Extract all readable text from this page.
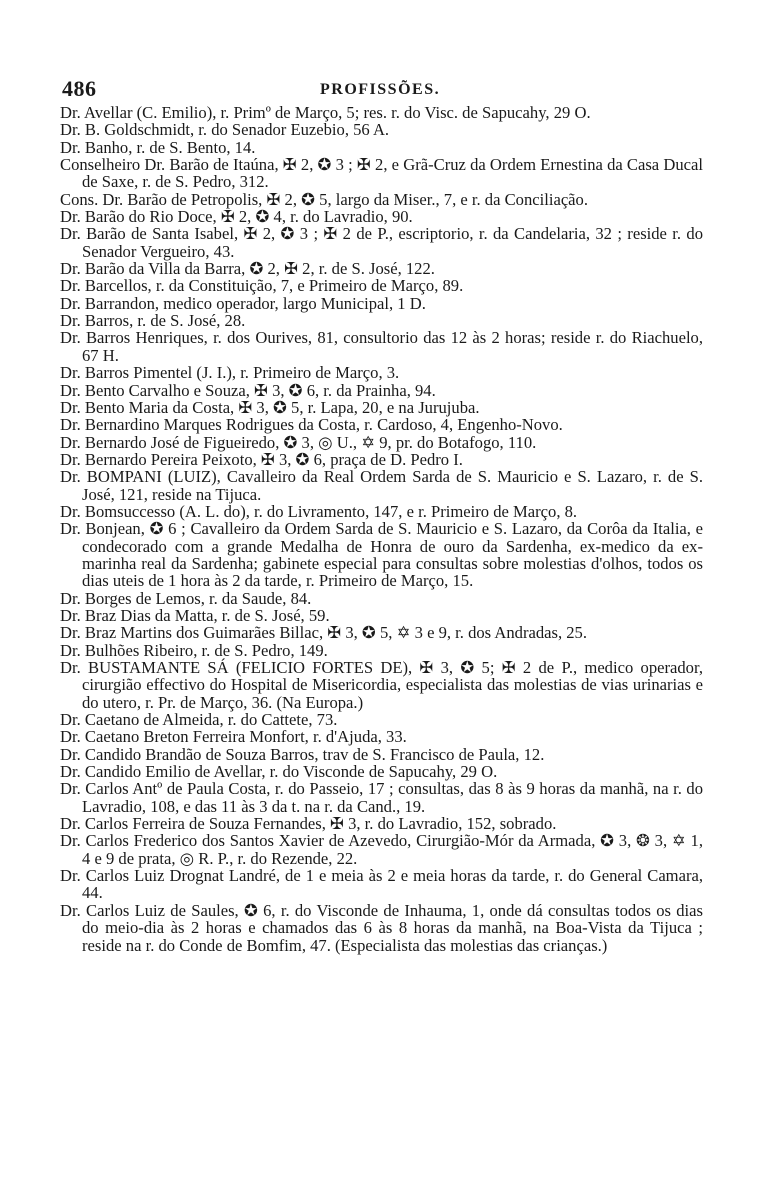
486	PROFISSÕES.

Dr. Avellar (C. Emilio), r. Primº de Março, 5; res. r. do Visc. de Sapucahy, 29 O.

Dr. B. Goldschmidt, r. do Senador Euzebio, 56 A.

Dr. Banho, r. de S. Bento, 14.

Conselheiro Dr. Barão de Itaúna, ✠ 2, ✪ 3 ; ✠ 2, e Grã-Cruz da Ordem Ernestina da Casa Ducal de Saxe, r. de S. Pedro, 312.

Cons. Dr. Barão de Petropolis, ✠ 2, ✪ 5, largo da Miser., 7, e r. da Conciliação.

Dr. Barão do Rio Doce, ✠ 2, ✪ 4, r. do Lavradio, 90.

Dr. Barão de Santa Isabel, ✠ 2, ✪ 3 ; ✠ 2 de P., escriptorio, r. da Candelaria, 32 ; reside r. do Senador Vergueiro, 43.

Dr. Barão da Villa da Barra, ✪ 2, ✠ 2, r. de S. José, 122.

Dr. Barcellos, r. da Constituição, 7, e Primeiro de Março, 89.

Dr. Barrandon, medico operador, largo Municipal, 1 D.

Dr. Barros, r. de S. José, 28.

Dr. Barros Henriques, r. dos Ourives, 81, consultorio das 12 às 2 horas; reside r. do Riachuelo, 67 H.

Dr. Barros Pimentel (J. I.), r. Primeiro de Março, 3.

Dr. Bento Carvalho e Souza, ✠ 3, ✪ 6, r. da Prainha, 94.

Dr. Bento Maria da Costa, ✠ 3, ✪ 5, r. Lapa, 20, e na Jurujuba.

Dr. Bernardino Marques Rodrigues da Costa, r. Cardoso, 4, Engenho-Novo.

Dr. Bernardo José de Figueiredo, ✪ 3, ◎ U., ✡ 9, pr. do Botafogo, 110.

Dr. Bernardo Pereira Peixoto, ✠ 3, ✪ 6, praça de D. Pedro I.

Dr. BOMPANI (LUIZ), Cavalleiro da Real Ordem Sarda de S. Mauricio e S. Lazaro, r. de S. José, 121, reside na Tijuca.

Dr. Bomsuccesso (A. L. do), r. do Livramento, 147, e r. Primeiro de Março, 8.

Dr. Bonjean, ✪ 6 ; Cavalleiro da Ordem Sarda de S. Mauricio e S. Lazaro, da Corôa da Italia, e condecorado com a grande Medalha de Honra de ouro da Sardenha, ex-medico da ex-marinha real da Sardenha; gabinete especial para consultas sobre molestias d'olhos, todos os dias uteis de 1 hora às 2 da tarde, r. Primeiro de Março, 15.

Dr. Borges de Lemos, r. da Saude, 84.

Dr. Braz Dias da Matta, r. de S. José, 59.

Dr. Braz Martins dos Guimarães Billac, ✠ 3, ✪ 5, ✡ 3 e 9, r. dos Andradas, 25.

Dr. Bulhões Ribeiro, r. de S. Pedro, 149.

Dr. BUSTAMANTE SÁ (FELICIO FORTES DE), ✠ 3, ✪ 5; ✠ 2 de P., medico operador, cirurgião effectivo do Hospital de Misericordia, especialista das molestias de vias urinarias e do utero, r. Pr. de Março, 36. (Na Europa.)

Dr. Caetano de Almeida, r. do Cattete, 73.

Dr. Caetano Breton Ferreira Monfort, r. d'Ajuda, 33.

Dr. Candido Brandão de Souza Barros, trav de S. Francisco de Paula, 12.

Dr. Candido Emilio de Avellar, r. do Visconde de Sapucahy, 29 O.

Dr. Carlos Antº de Paula Costa, r. do Passeio, 17 ; consultas, das 8 às 9 horas da manhã, na r. do Lavradio, 108, e das 11 às 3 da t. na r. da Cand., 19.

Dr. Carlos Ferreira de Souza Fernandes, ✠ 3, r. do Lavradio, 152, sobrado.

Dr. Carlos Frederico dos Santos Xavier de Azevedo, Cirurgião-Mór da Armada, ✪ 3, ❂ 3, ✡ 1, 4 e 9 de prata, ◎ R. P., r. do Rezende, 22.

Dr. Carlos Luiz Drognat Landré, de 1 e meia às 2 e meia horas da tarde, r. do General Camara, 44.

Dr. Carlos Luiz de Saules, ✪ 6, r. do Visconde de Inhauma, 1, onde dá consultas todos os dias do meio-dia às 2 horas e chamados das 6 às 8 horas da manhã, na Boa-Vista da Tijuca ; reside na r. do Conde de Bomfim, 47. (Especialista das molestias das crianças.)
